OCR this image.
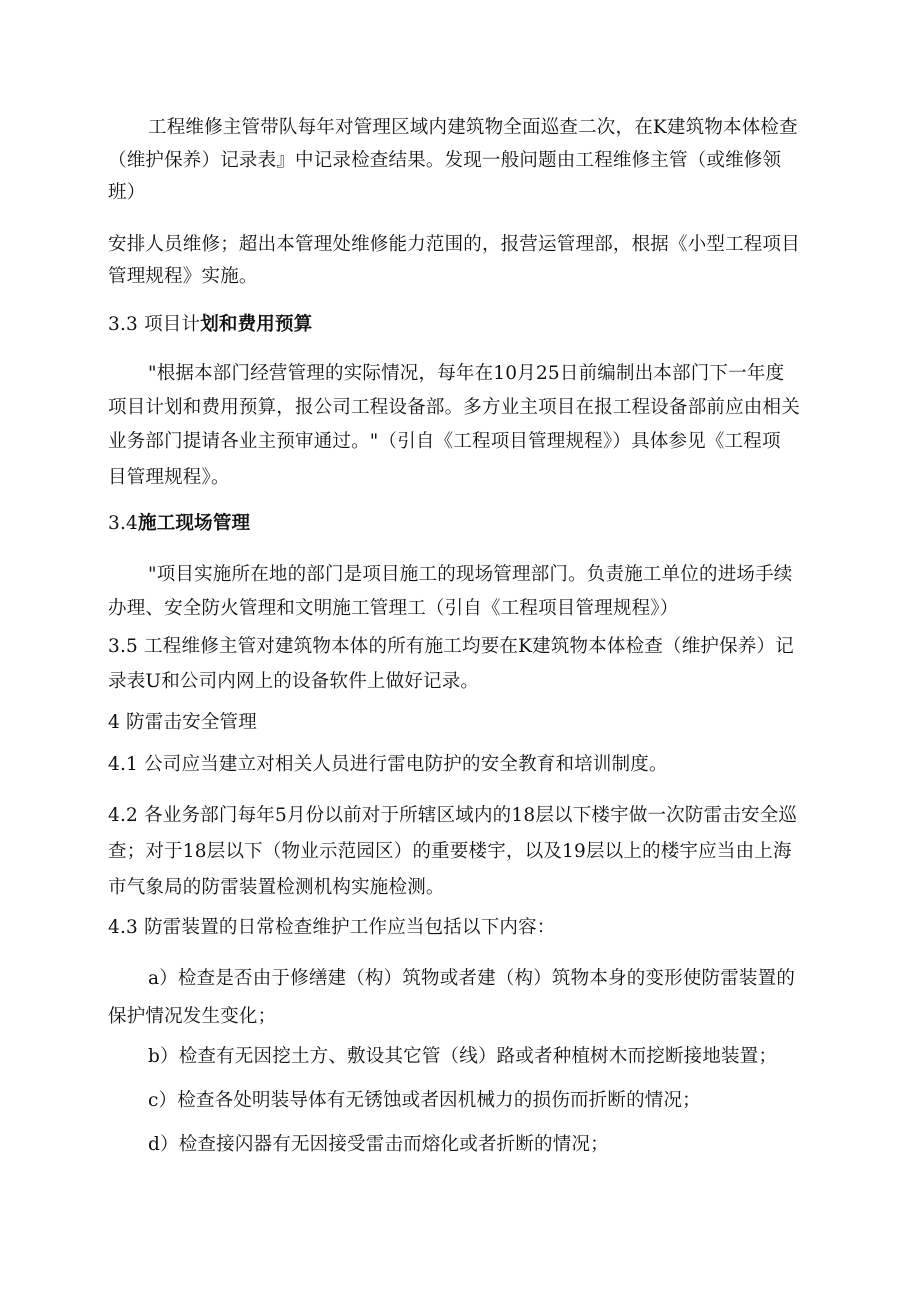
工程维修主管带队每年对管理区域内建筑物全面巡查二次，在K建筑物本体检查
（维护保养）记录表』中记录检查结果。发现一般问题由工程维修主管（或维修领
班）
安排人员维修；超出本管理处维修能力范围的，报营运管理部，根据《小型工程项目
管理规程》实施。
3.3 项目计划和费用预算
"根据本部门经营管理的实际情况，每年在10月25日前编制出本部门下一年度
项目计划和费用预算，报公司工程设备部。多方业主项目在报工程设备部前应由相关
业务部门提请各业主预审通过。"（引自《工程项目管理规程》）具体参见《工程项
目管理规程》。
3.4施工现场管理
"项目实施所在地的部门是项目施工的现场管理部门。负责施工单位的进场手续
办理、安全防火管理和文明施工管理工（引自《工程项目管理规程》）
3.5 工程维修主管对建筑物本体的所有施工均要在K建筑物本体检查（维护保养）记
录表U和公司内网上的设备软件上做好记录。
4 防雷击安全管理
4.1 公司应当建立对相关人员进行雷电防护的安全教育和培训制度。
4.2 各业务部门每年5月份以前对于所辖区域内的18层以下楼宇做一次防雷击安全巡
查；对于18层以下（物业示范园区）的重要楼宇，以及19层以上的楼宇应当由上海
市气象局的防雷装置检测机构实施检测。
4.3 防雷装置的日常检查维护工作应当包括以下内容：
a）检查是否由于修缮建（构）筑物或者建（构）筑物本身的变形使防雷装置的
保护情况发生变化；
b）检查有无因挖土方、敷设其它管（线）路或者种植树木而挖断接地装置；
c）检查各处明装导体有无锈蚀或者因机械力的损伤而折断的情况；
d）检查接闪器有无因接受雷击而熔化或者折断的情况；
